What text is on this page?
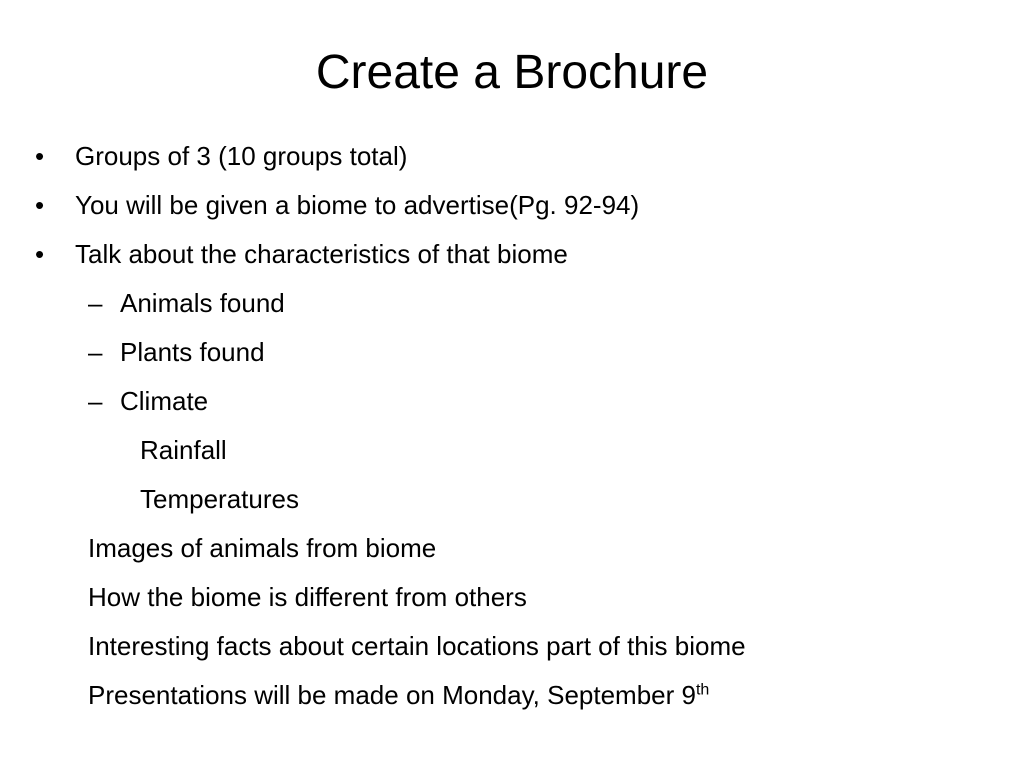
Create a Brochure
• Groups of 3 (10 groups total)
• You will be given a biome to advertise(Pg. 92-94)
• Talk about the characteristics of that biome
– Animals found
– Plants found
– Climate
Rainfall
Temperatures
Images of animals from biome
How the biome is different from others
Interesting facts about certain locations part of this biome
Presentations will be made on Monday, September 9th
